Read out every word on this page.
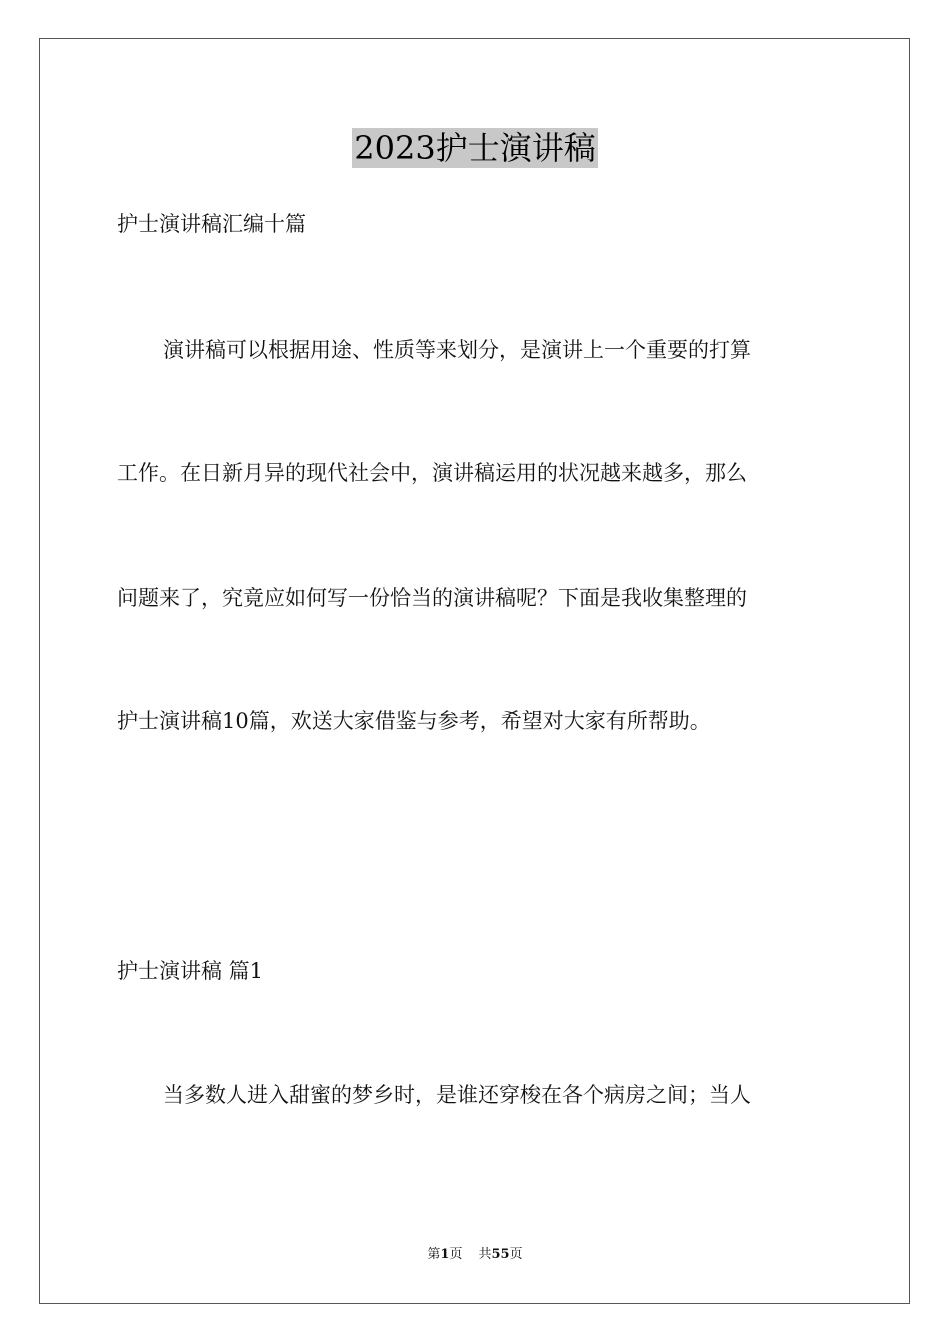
2023护士演讲稿
护士演讲稿汇编十篇
演讲稿可以根据用途、性质等来划分，是演讲上一个重要的打算
工作。在日新月异的现代社会中，演讲稿运用的状况越来越多，那么
问题来了，究竟应如何写一份恰当的演讲稿呢？下面是我收集整理的
护士演讲稿10篇，欢送大家借鉴与参考，希望对大家有所帮助。
护士演讲稿 篇1
当多数人进入甜蜜的梦乡时，是谁还穿梭在各个病房之间；当人
第1页 共55页
